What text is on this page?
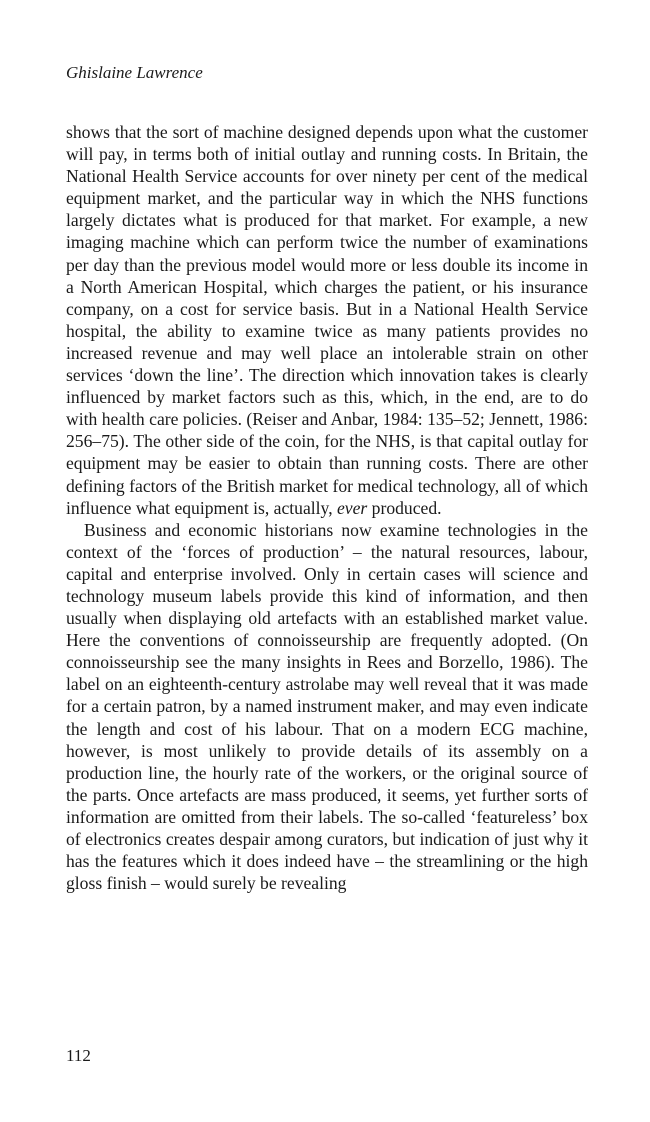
Ghislaine Lawrence

shows that the sort of machine designed depends upon what the customer will pay, in terms both of initial outlay and running costs. In Britain, the National Health Service accounts for over ninety per cent of the medical equipment market, and the particular way in which the NHS functions largely dictates what is produced for that market. For example, a new imaging machine which can perform twice the number of examinations per day than the previous model would more or less double its income in a North American Hospital, which charges the patient, or his insurance company, on a cost for service basis. But in a National Health Service hospital, the ability to examine twice as many patients provides no increased revenue and may well place an intolerable strain on other services ‘down the line’. The direction which innovation takes is clearly influenced by market factors such as this, which, in the end, are to do with health care policies. (Reiser and Anbar, 1984: 135–52; Jennett, 1986: 256–75). The other side of the coin, for the NHS, is that capital outlay for equipment may be easier to obtain than running costs. There are other defining factors of the British market for medical technology, all of which influence what equipment is, actually, ever produced.

Business and economic historians now examine technologies in the context of the ‘forces of production’ – the natural resources, labour, capital and enterprise involved. Only in certain cases will science and technology museum labels provide this kind of information, and then usually when displaying old artefacts with an established market value. Here the conventions of connoisseurship are frequently adopted. (On connoisseurship see the many insights in Rees and Borzello, 1986). The label on an eighteenth-century astrolabe may well reveal that it was made for a certain patron, by a named instrument maker, and may even indicate the length and cost of his labour. That on a modern ECG machine, however, is most unlikely to provide details of its assembly on a production line, the hourly rate of the workers, or the original source of the parts. Once artefacts are mass produced, it seems, yet further sorts of information are omitted from their labels. The so-called ‘featureless’ box of electronics creates despair among curators, but indication of just why it has the features which it does indeed have – the streamlining or the high gloss finish – would surely be revealing

112
